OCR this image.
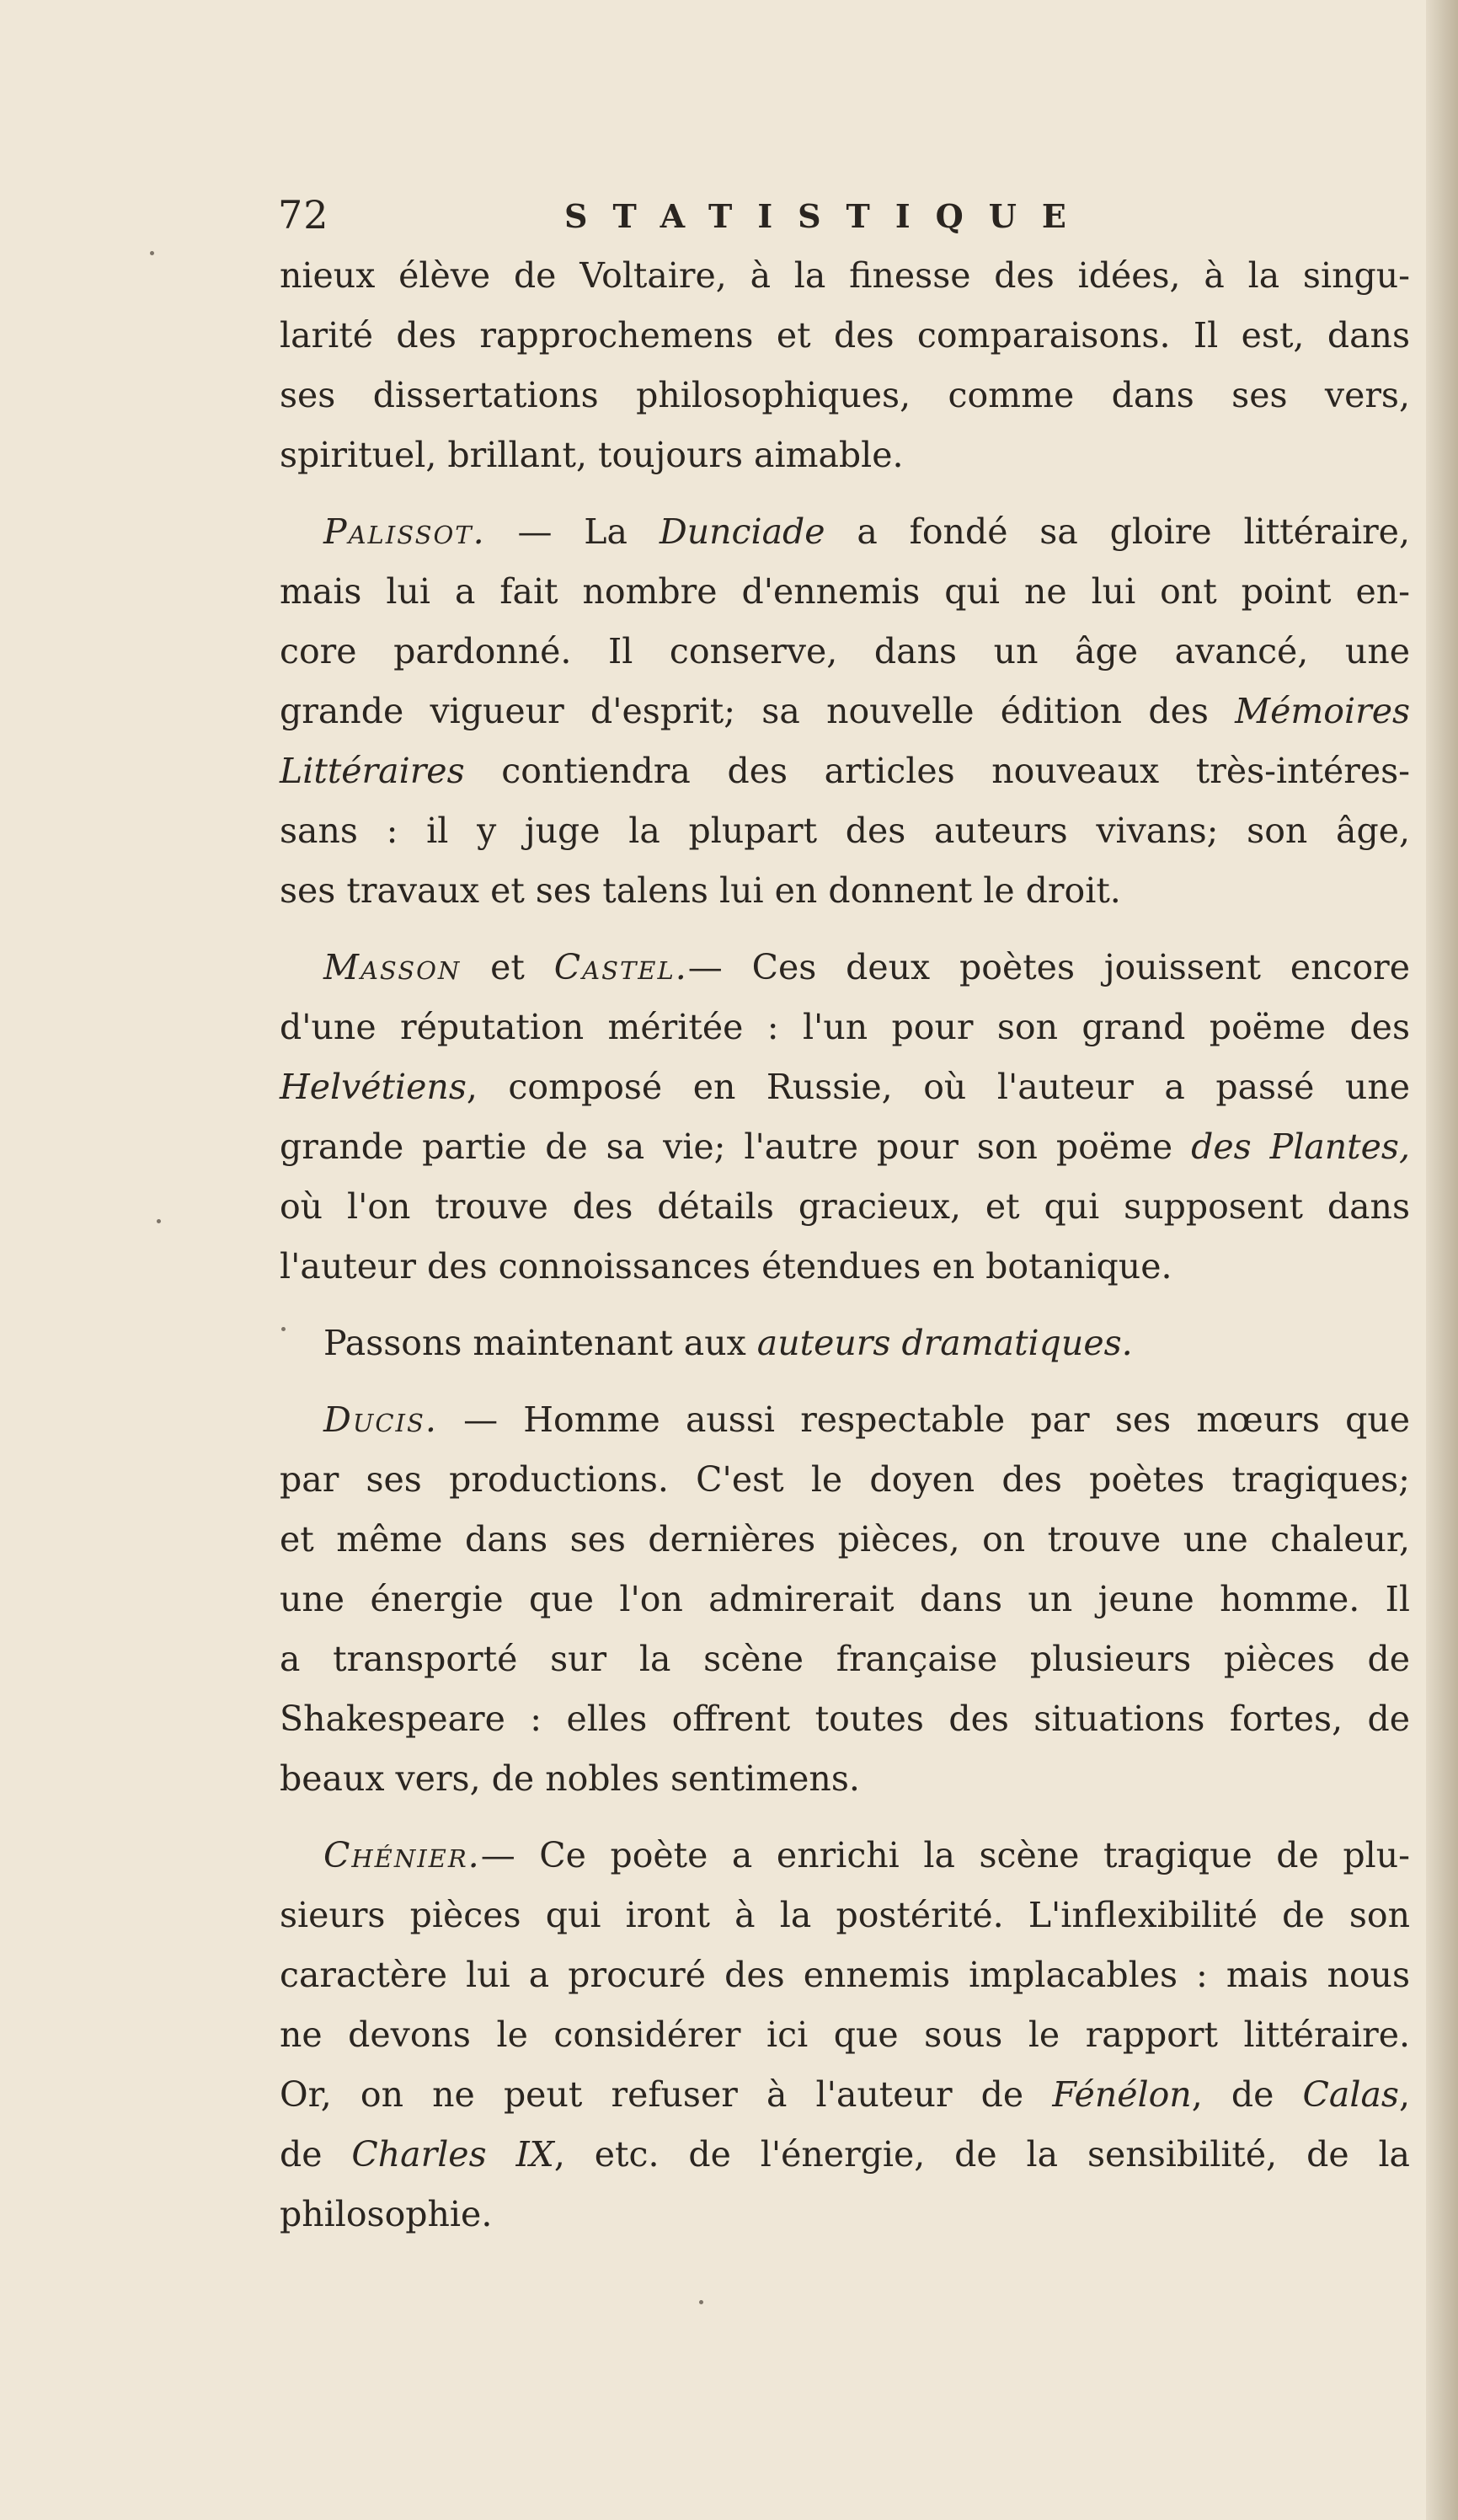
72	STATISTIQUE
nieux élève de Voltaire, à la finesse des idées, à la singu-
larité des rapprochemens et des comparaisons. Il est, dans
ses dissertations philosophiques, comme dans ses vers,
spirituel, brillant, toujours aimable.
Palissot. — La Dunciade a fondé sa gloire littéraire,
mais lui a fait nombre d'ennemis qui ne lui ont point en-
core pardonné. Il conserve, dans un âge avancé, une
grande vigueur d'esprit; sa nouvelle édition des Mémoires
Littéraires contiendra des articles nouveaux très-intéres-
sans : il y juge la plupart des auteurs vivans; son âge,
ses travaux et ses talens lui en donnent le droit.
Masson et Castel.— Ces deux poètes jouissent encore
d'une réputation méritée : l'un pour son grand poëme des
Helvétiens, composé en Russie, où l'auteur a passé une
grande partie de sa vie; l'autre pour son poëme des Plantes,
où l'on trouve des détails gracieux, et qui supposent dans
l'auteur des connoissances étendues en botanique.
Passons maintenant aux auteurs dramatiques.
Ducis. — Homme aussi respectable par ses mœurs que
par ses productions. C'est le doyen des poètes tragiques;
et même dans ses dernières pièces, on trouve une chaleur,
une énergie que l'on admirerait dans un jeune homme. Il
a transporté sur la scène française plusieurs pièces de
Shakespeare : elles offrent toutes des situations fortes, de
beaux vers, de nobles sentimens.
Chénier.— Ce poète a enrichi la scène tragique de plu-
sieurs pièces qui iront à la postérité. L'inflexibilité de son
caractère lui a procuré des ennemis implacables : mais nous
ne devons le considérer ici que sous le rapport littéraire.
Or, on ne peut refuser à l'auteur de Fénélon, de Calas,
de Charles IX, etc. de l'énergie, de la sensibilité, de la
philosophie.
